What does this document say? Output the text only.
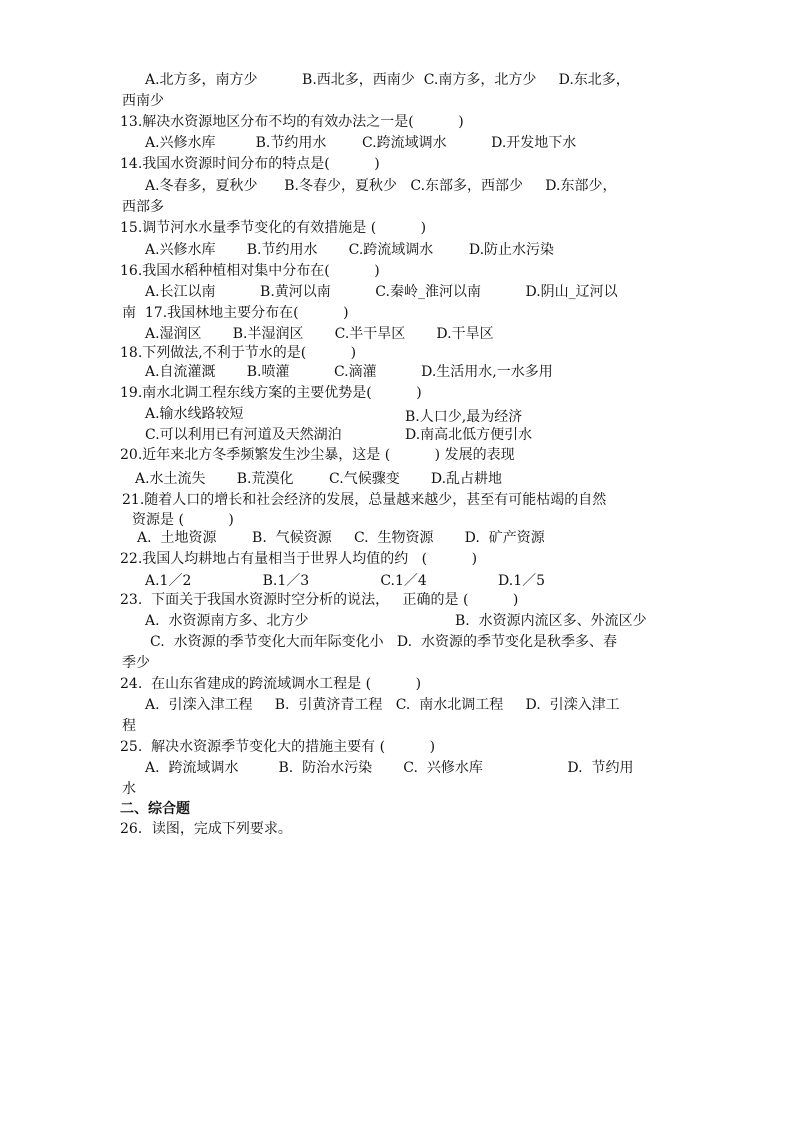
A.北方多，南方少          B.西北多，西南少  C.南方多，北方少     D.东北多，

西南少

13.解决水资源地区分布不均的有效办法之一是(          )

A.兴修水库         B.节约用水        C.跨流域调水          D.开发地下水

14.我国水资源时间分布的特点是(          )

A.冬春多，夏秋少      B.冬春少，夏秋少   C.东部多，西部少     D.东部少，

西部多

15.调节河水水量季节变化的有效措施是 (          )

A.兴修水库       B.节约用水       C.跨流域调水        D.防止水污染

16.我国水稻种植相对集中分布在(          )

A.长江以南          B.黄河以南          C.秦岭_淮河以南          D.阴山_辽河以

南  17.我国林地主要分布在(          )

A.湿润区       B.半湿润区       C.半干旱区       D.干旱区

18.下列做法,不利于节水的是(          )

A.自流灌溉       B.喷灌          C.滴灌          D.生活用水,一水多用

19.南水北调工程东线方案的主要优势是(          )

A.输水线路较短	B.人口少,最为经济

C.可以利用已有河道及天然湖泊	D.南高北低方便引水

20.近年来北方冬季频繁发生沙尘暴，这是 (          ) 发展的表现

A.水土流失       B.荒漠化        C.气候骤变       D.乱占耕地

21.随着人口的增长和社会经济的发展，总量越来越少，甚至有可能枯竭的自然

资源是 (          )

A.  土地资源        B.  气候资源     C.  生物资源       D.  矿产资源

22.我国人均耕地占有量相当于世界人均值的约   (          )

A.1／2                B.1／3                C.1／4                D.1／5

23.  下面关于我国水资源时空分析的说法，   正确的是 (          )

A.  水资源南方多、北方少	B.  水资源内流区多、外流区少

C.  水资源的季节变化大而年际变化小   D.  水资源的季节变化是秋季多、春

季少

24.  在山东省建成的跨流域调水工程是 (          )

A.  引滦入津工程     B.  引黄济青工程   C.  南水北调工程     D.  引滦入津工

程

25.  解决水资源季节变化大的措施主要有 (          )

A.  跨流域调水         B.  防治水污染       C.  兴修水库                   D.  节约用

水

二、综合题

26．读图，完成下列要求。
